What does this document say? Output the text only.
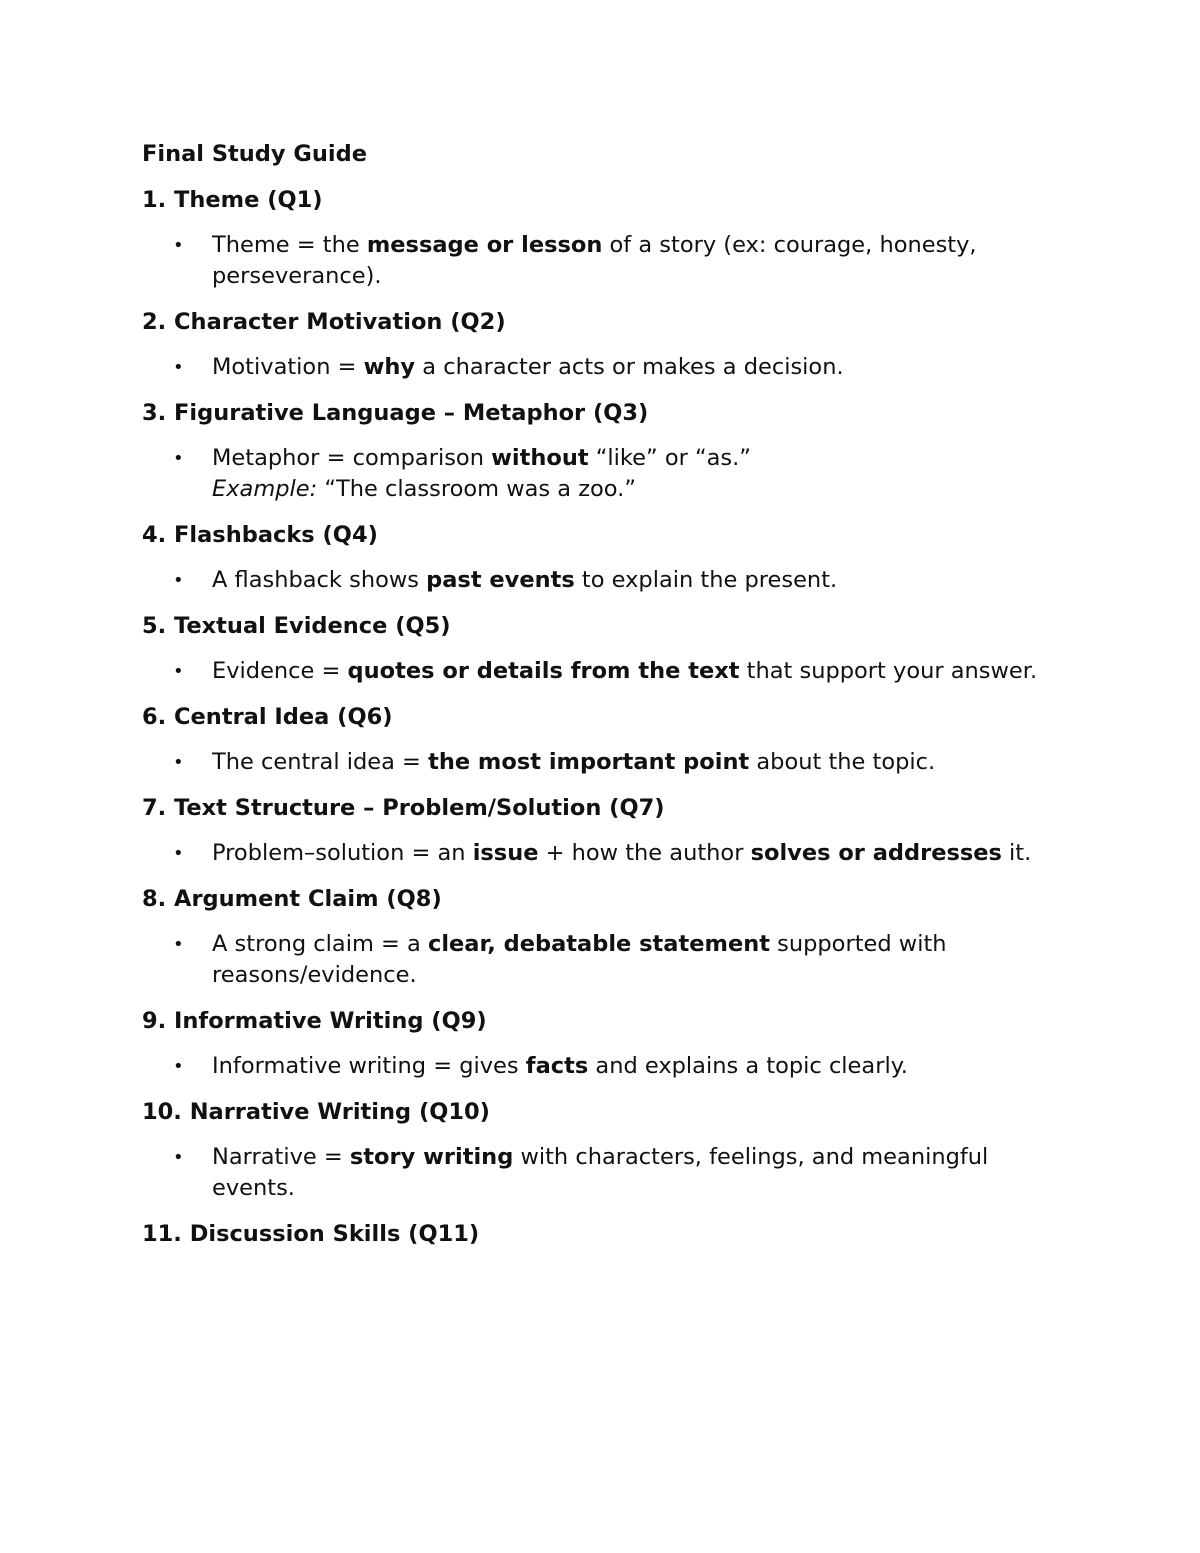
Final Study Guide
1. Theme (Q1)
• Theme = the message or lesson of a story (ex: courage, honesty, perseverance).
2. Character Motivation (Q2)
• Motivation = why a character acts or makes a decision.
3. Figurative Language – Metaphor (Q3)
• Metaphor = comparison without “like” or “as.”
Example: “The classroom was a zoo.”
4. Flashbacks (Q4)
• A flashback shows past events to explain the present.
5. Textual Evidence (Q5)
• Evidence = quotes or details from the text that support your answer.
6. Central Idea (Q6)
• The central idea = the most important point about the topic.
7. Text Structure – Problem/Solution (Q7)
• Problem–solution = an issue + how the author solves or addresses it.
8. Argument Claim (Q8)
• A strong claim = a clear, debatable statement supported with reasons/evidence.
9. Informative Writing (Q9)
• Informative writing = gives facts and explains a topic clearly.
10. Narrative Writing (Q10)
• Narrative = story writing with characters, feelings, and meaningful events.
11. Discussion Skills (Q11)
